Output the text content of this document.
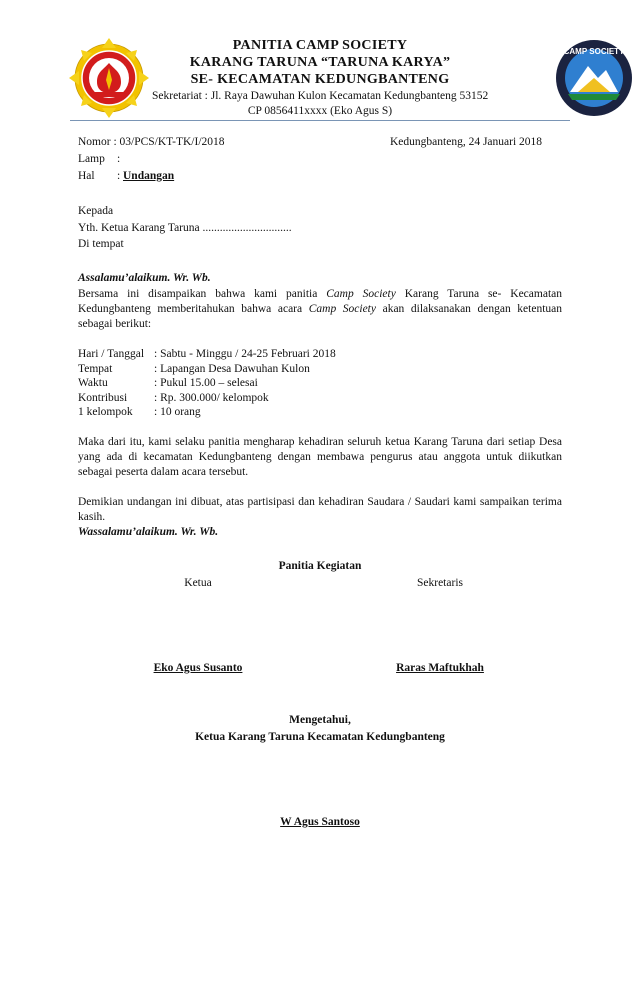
PANITIA CAMP SOCIETY
KARANG TARUNA “TARUNA KARYA”
SE- KECAMATAN KEDUNGBANTENG
Sekretariat : Jl. Raya Dawuhan Kulon Kecamatan Kedungbanteng 53152
CP 0856411xxxx (Eko Agus S)
CAMP SOCIETY
Nomor : 03/PCS/KT-TK/I/2018	Kedungbanteng, 24 Januari 2018
Lamp :
Hal : Undangan
Kepada
Yth. Ketua Karang Taruna ...............................
Di tempat
Assalamu’alaikum. Wr. Wb.
Bersama ini disampaikan bahwa kami panitia Camp Society Karang Taruna se- Kecamatan Kedungbanteng memberitahukan bahwa acara Camp Society akan dilaksanakan dengan ketentuan sebagai berikut:
Hari / Tanggal : Sabtu - Minggu / 24-25 Februari 2018
Tempat	: Lapangan Desa Dawuhan Kulon
Waktu	: Pukul 15.00 – selesai
Kontribusi	: Rp. 300.000/ kelompok
1 kelompok	: 10 orang
Maka dari itu, kami selaku panitia mengharap kehadiran seluruh ketua Karang Taruna dari setiap Desa yang ada di kecamatan Kedungbanteng dengan membawa pengurus atau anggota untuk diikutkan sebagai peserta dalam acara tersebut.
Demikian undangan ini dibuat, atas partisipasi dan kehadiran Saudara / Saudari kami sampaikan terima kasih.
Wassalamu’alaikum. Wr. Wb.
Panitia Kegiatan
Ketua	Sekretaris
Eko Agus Susanto	Raras Maftukhah
Mengetahui,
Ketua Karang Taruna Kecamatan Kedungbanteng
W Agus Santoso
